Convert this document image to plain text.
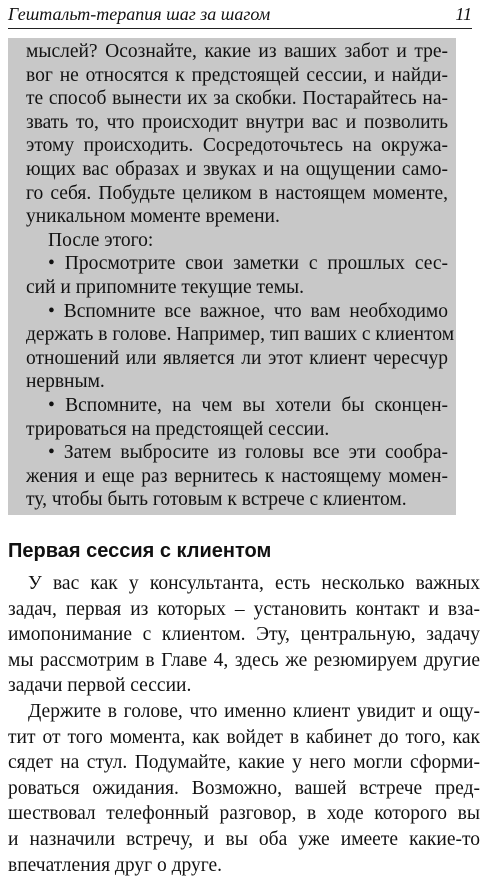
Гештальт-терапия шаг за шагом	11
мыслей? Осознайте, какие из ваших забот и тре-
вог не относятся к предстоящей сессии, и найди-
те способ вынести их за скобки. Постарайтесь на-
звать то, что происходит внутри вас и позволить
этому происходить. Сосредоточьтесь на окружа-
ющих вас образах и звуках и на ощущении само-
го себя. Побудьте целиком в настоящем моменте,
уникальном моменте времени.
После этого:
• Просмотрите свои заметки с прошлых сес-
сий и припомните текущие темы.
• Вспомните все важное, что вам необходимо
держать в голове. Например, тип ваших с клиентом
отношений или является ли этот клиент чересчур
нервным.
• Вспомните, на чем вы хотели бы сконцен-
трироваться на предстоящей сессии.
• Затем выбросите из головы все эти сообра-
жения и еще раз вернитесь к настоящему момен-
ту, чтобы быть готовым к встрече с клиентом.
Первая сессия с клиентом
У вас как у консультанта, есть несколько важных
задач, первая из которых – установить контакт и вза-
имопонимание с клиентом. Эту, центральную, задачу
мы рассмотрим в Главе 4, здесь же резюмируем другие
задачи первой сессии.
Держите в голове, что именно клиент увидит и ощу-
тит от того момента, как войдет в кабинет до того, как
сядет на стул. Подумайте, какие у него могли сформи-
роваться ожидания. Возможно, вашей встрече пред-
шествовал телефонный разговор, в ходе которого вы
и назначили встречу, и вы оба уже имеете какие-то
впечатления друг о друге.
